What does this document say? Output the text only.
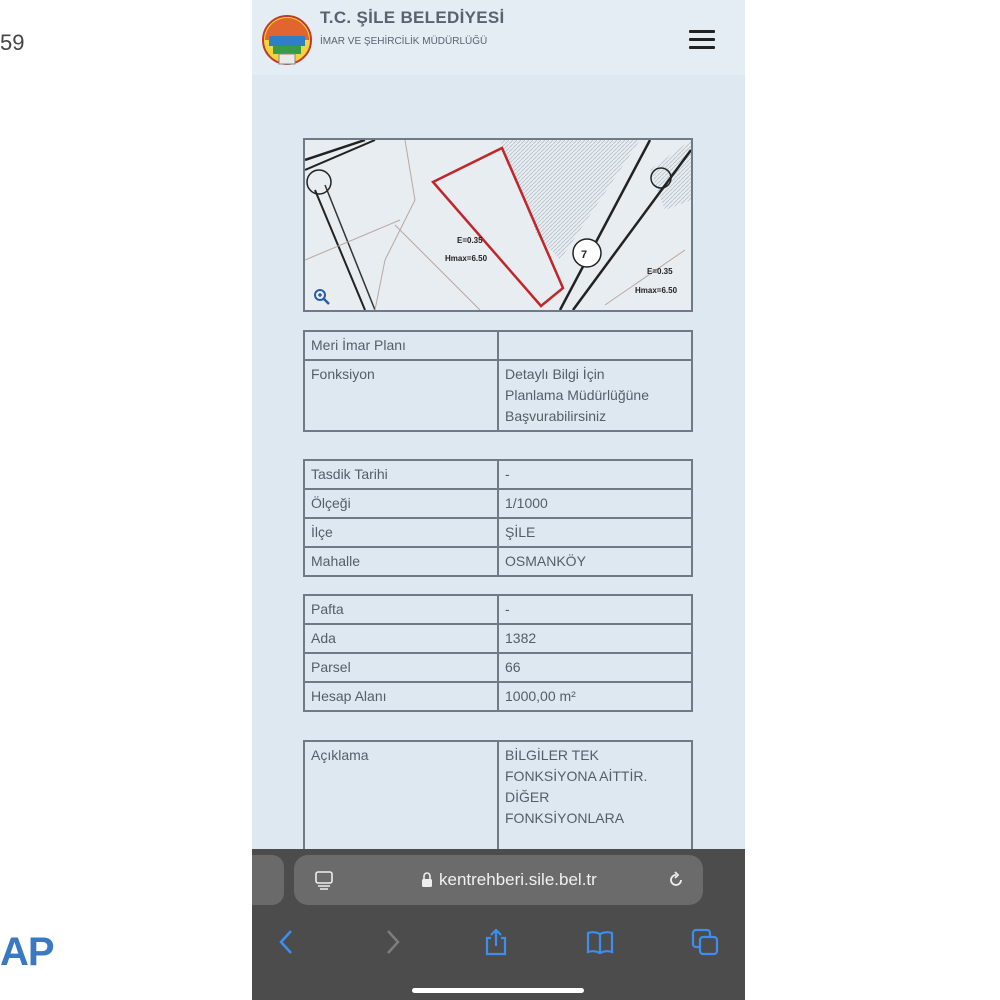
59
AP
T.C. ŞİLE BELEDİYESİ
İMAR VE ŞEHİRCİLİK MÜDÜRLÜĞÜ
E=0.35
Hmax=6.50
E=0.35
Hmax=6.50
7
Meri İmar Planı	
Fonksiyon	Detaylı Bilgi İçin
Planlama Müdürlüğüne
Başvurabilirsiniz
Tasdik Tarihi	-
Ölçeği	1/1000
İlçe	ŞİLE
Mahalle	OSMANKÖY
Pafta	-
Ada	1382
Parsel	66
Hesap Alanı	1000,00 m²
Açıklama	BİLGİLER TEK
FONKSİYONA AİTTİR.
DİĞER
FONKSİYONLARA
kentrehberi.sile.bel.tr
